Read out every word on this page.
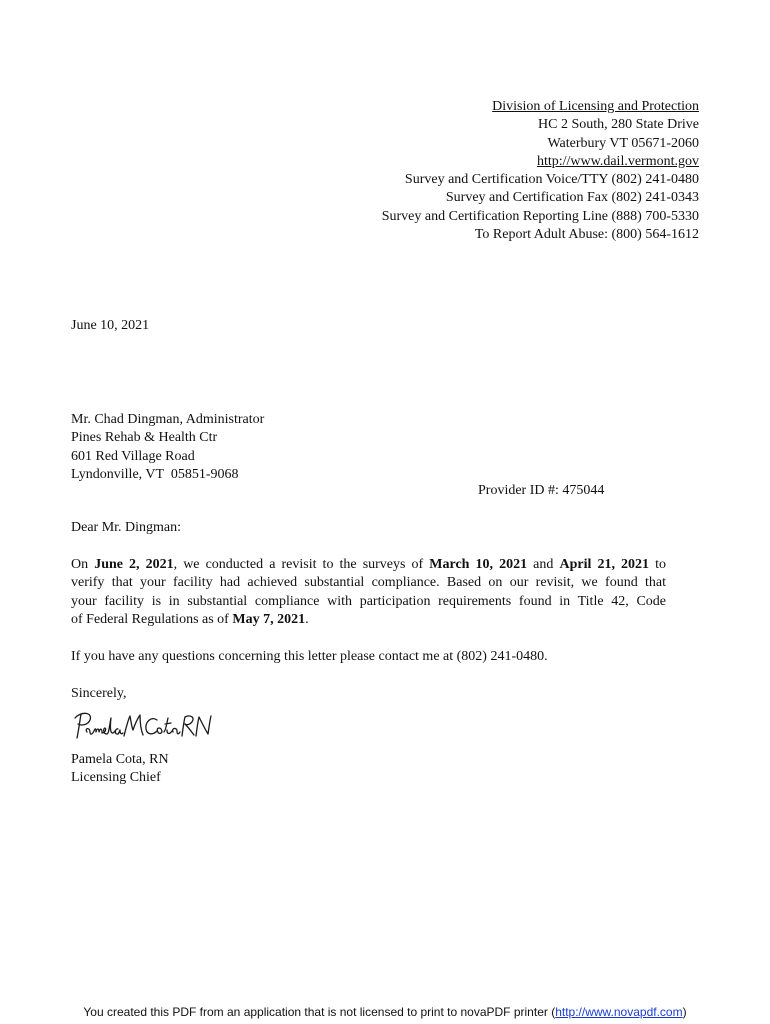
Division of Licensing and Protection
HC 2 South, 280 State Drive
Waterbury VT 05671-2060
http://www.dail.vermont.gov
Survey and Certification Voice/TTY (802) 241-0480
Survey and Certification Fax (802) 241-0343
Survey and Certification Reporting Line (888) 700-5330
To Report Adult Abuse: (800) 564-1612
June 10, 2021
Mr. Chad Dingman, Administrator
Pines Rehab & Health Ctr
601 Red Village Road
Lyndonville, VT  05851-9068
Provider ID #: 475044
Dear Mr. Dingman:
On June 2, 2021, we conducted a revisit to the surveys of March 10, 2021 and April 21, 2021 to
verify that your facility had achieved substantial compliance. Based on our revisit, we found that
your facility is in substantial compliance with participation requirements found in Title 42, Code
of Federal Regulations as of May 7, 2021.
If you have any questions concerning this letter please contact me at (802) 241-0480.
Sincerely,
Pamela Cota, RN
Licensing Chief
You created this PDF from an application that is not licensed to print to novaPDF printer (http://www.novapdf.com)
